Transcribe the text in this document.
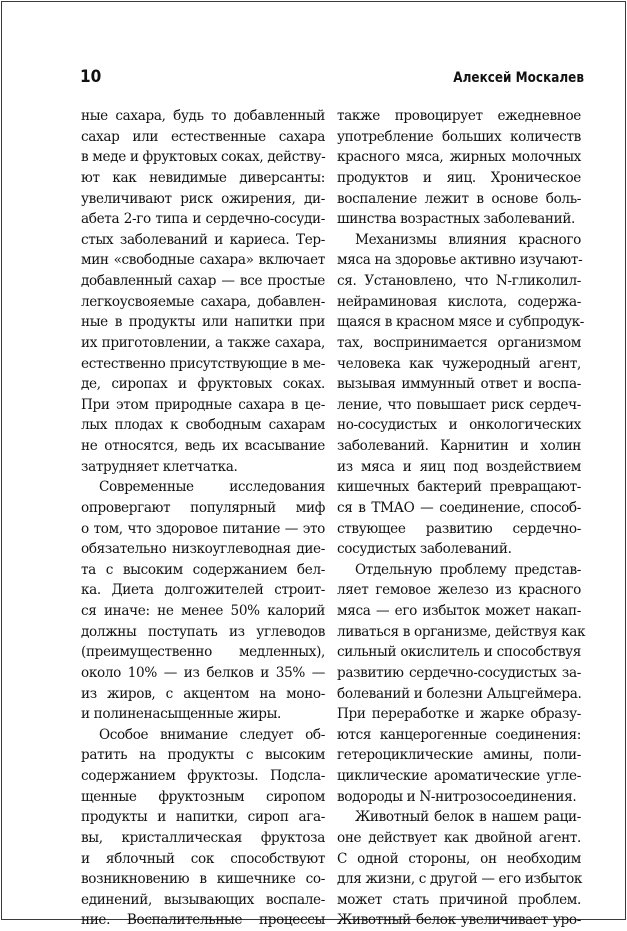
10	Алексей Москалев
ные сахара, будь то добавленный
сахар или естественные сахара
в меде и фруктовых соках, действу-
ют как невидимые диверсанты:
увеличивают риск ожирения, ди-
абета 2-го типа и сердечно-сосуди-
стых заболеваний и кариеса. Тер-
мин «свободные сахара» включает
добавленный сахар — все простые
легкоусвояемые сахара, добавлен-
ные в продукты или напитки при
их приготовлении, а также сахара,
естественно присутствующие в ме-
де, сиропах и фруктовых соках.
При этом природные сахара в це-
лых плодах к свободным сахарам
не относятся, ведь их всасывание
затрудняет клетчатка.
Современные исследования
опровергают популярный миф
о том, что здоровое питание — это
обязательно низкоуглеводная дие-
та с высоким содержанием бел-
ка. Диета долгожителей строит-
ся иначе: не менее 50% калорий
должны поступать из углеводов
(преимущественно медленных),
около 10% — из белков и 35% —
из жиров, с акцентом на моно-
и полиненасыщенные жиры.
Особое внимание следует об-
ратить на продукты с высоким
содержанием фруктозы. Подсла-
щенные фруктозным сиропом
продукты и напитки, сироп ага-
вы, кристаллическая фруктоза
и яблочный сок способствуют
возникновению в кишечнике со-
единений, вызывающих воспале-
ние. Воспалительные процессы
также провоцирует ежедневное
употребление больших количеств
красного мяса, жирных молочных
продуктов и яиц. Хроническое
воспаление лежит в основе боль-
шинства возрастных заболеваний.
Механизмы влияния красного
мяса на здоровье активно изучают-
ся. Установлено, что N-гликолил-
нейраминовая кислота, содержа-
щаяся в красном мясе и субпродук-
тах, воспринимается организмом
человека как чужеродный агент,
вызывая иммунный ответ и воспа-
ление, что повышает риск сердеч-
но-сосудистых и онкологических
заболеваний. Карнитин и холин
из мяса и яиц под воздействием
кишечных бактерий превращают-
ся в ТМАО — соединение, способ-
ствующее развитию сердечно-
сосудистых заболеваний.
Отдельную проблему представ-
ляет гемовое железо из красного
мяса — его избыток может накап-
ливаться в организме, действуя как
сильный окислитель и способствуя
развитию сердечно-сосудистых за-
болеваний и болезни Альцгеймера.
При переработке и жарке образу-
ются канцерогенные соединения:
гетероциклические амины, поли-
циклические ароматические угле-
водороды и N-нитрозосоединения.
Животный белок в нашем раци-
оне действует как двойной агент.
С одной стороны, он необходим
для жизни, с другой — его избыток
может стать причиной проблем.
Животный белок увеличивает уро-
